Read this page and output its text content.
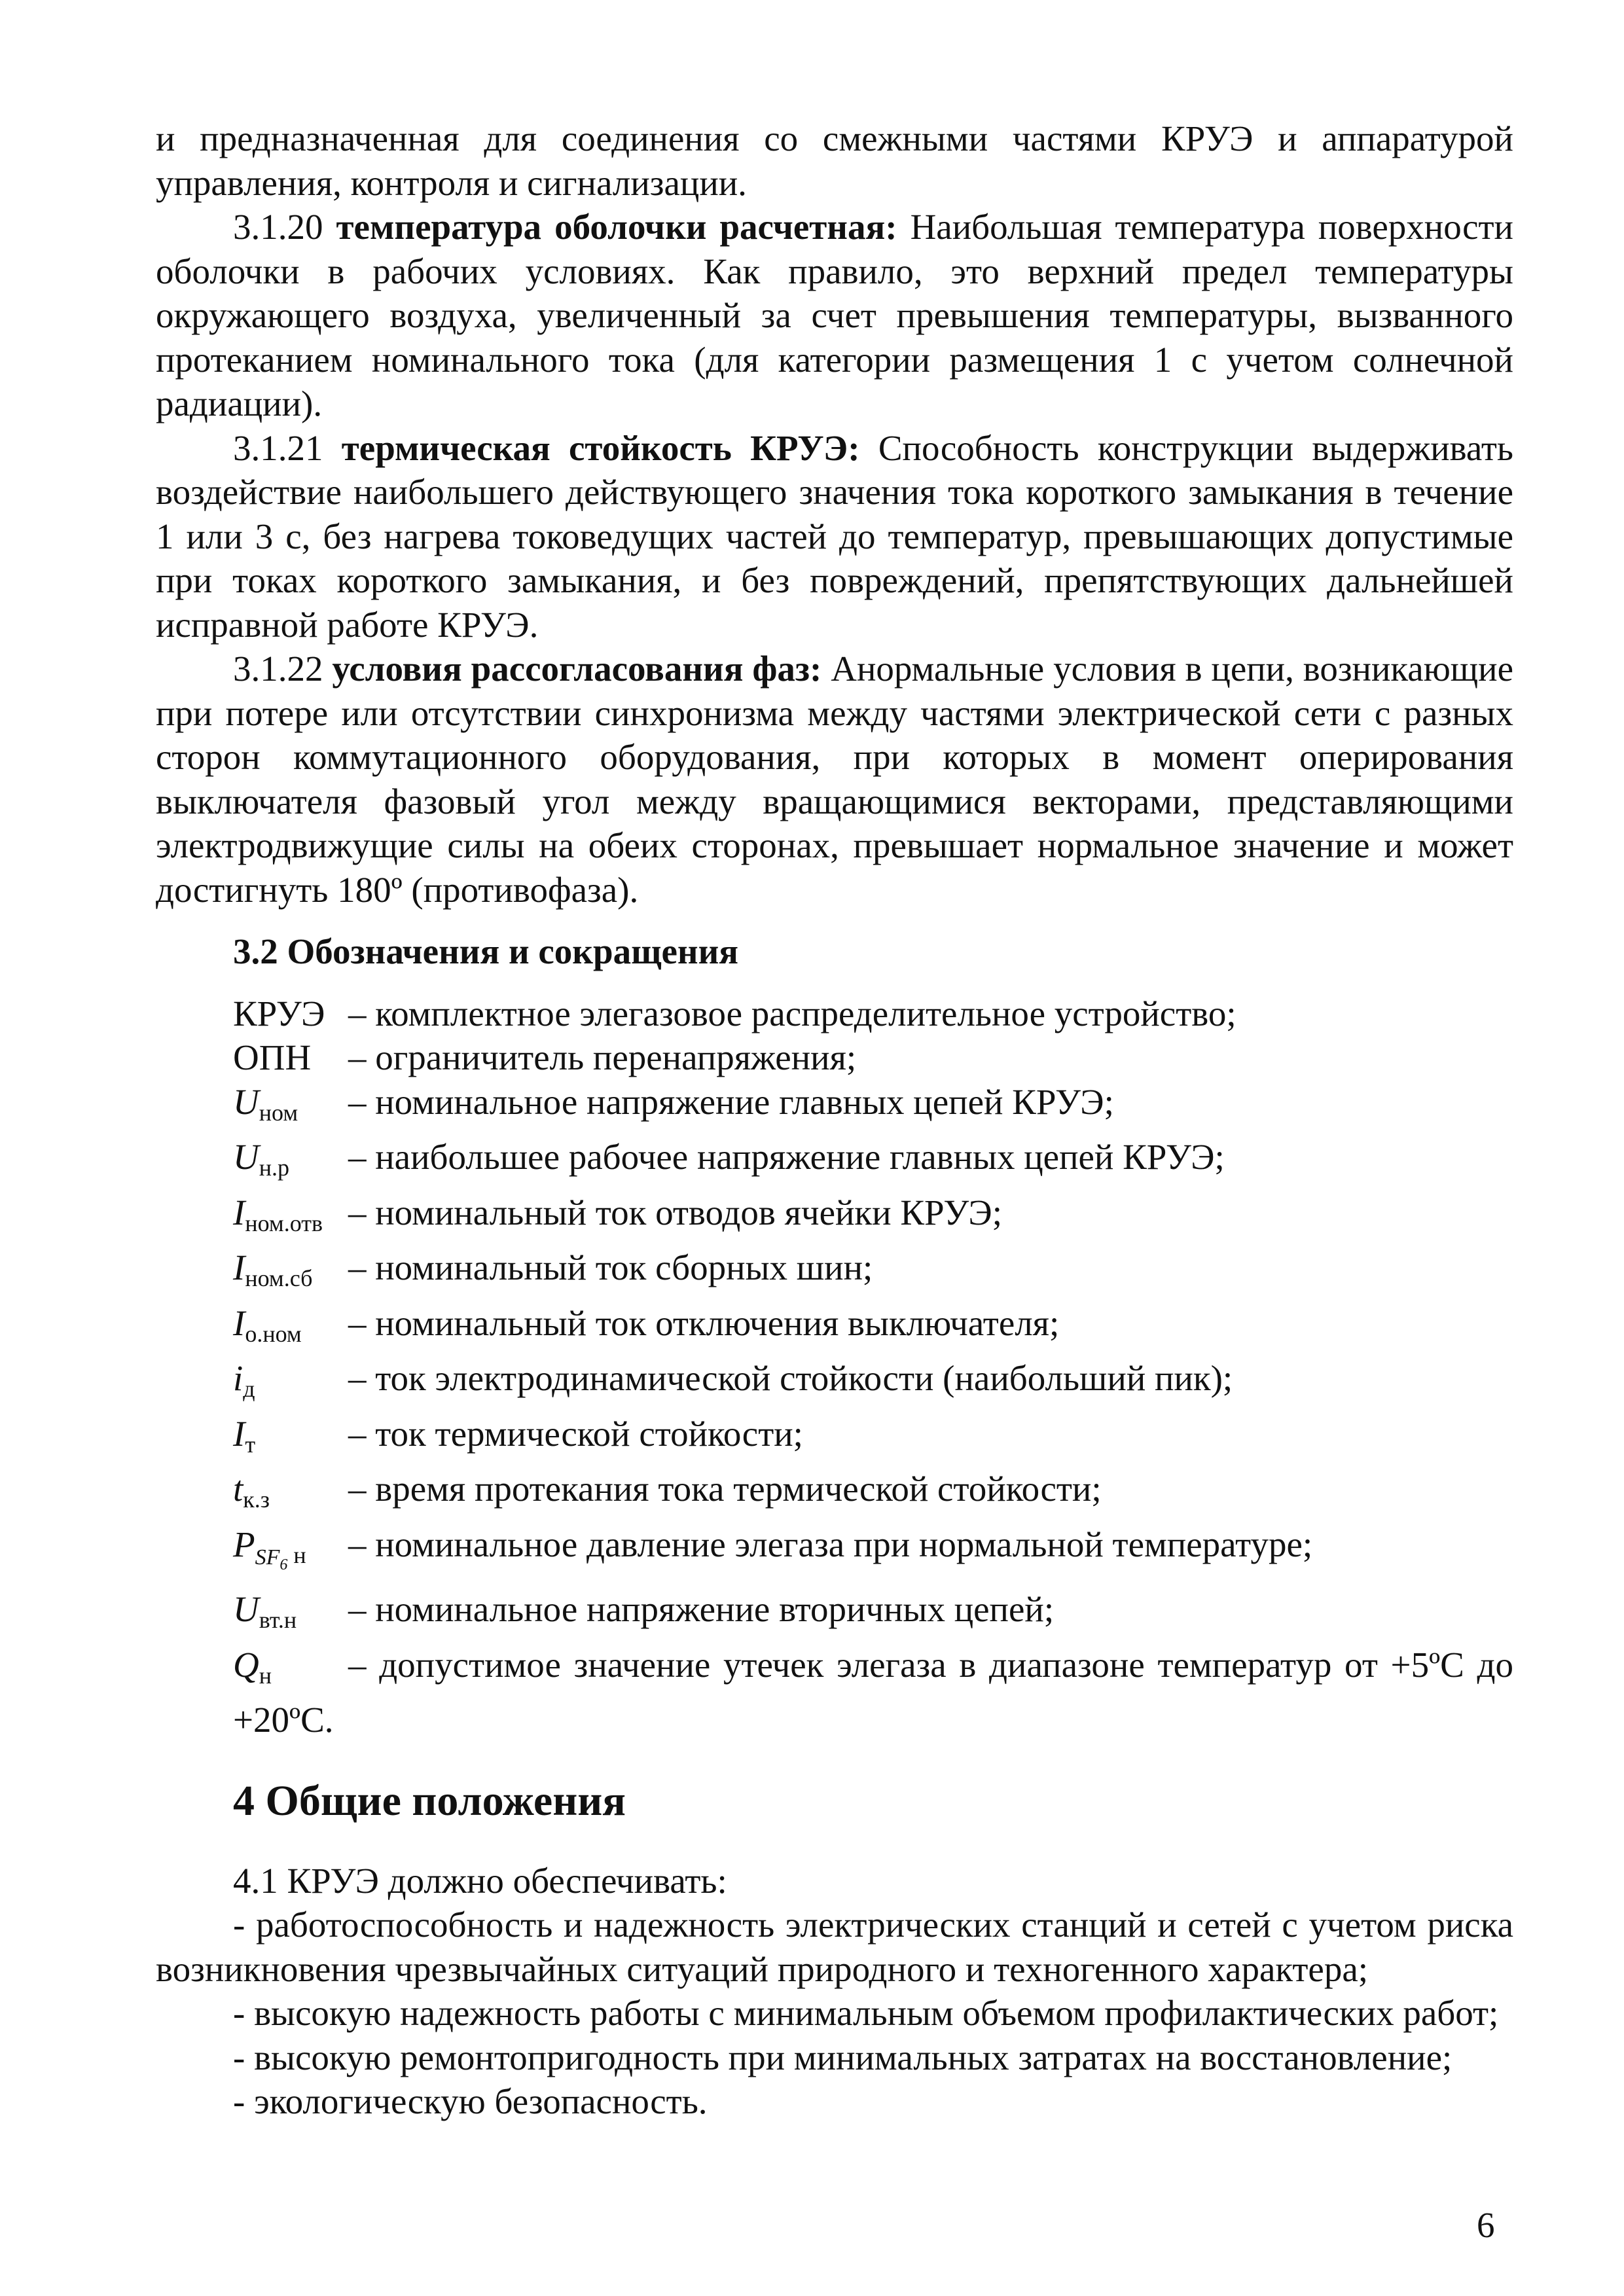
и предназначенная для соединения со смежными частями КРУЭ и аппаратурой управления, контроля и сигнализации.

3.1.20 температура оболочки расчетная: Наибольшая температура поверхности оболочки в рабочих условиях. Как правило, это верхний предел температуры окружающего воздуха, увеличенный за счет превышения температуры, вызванного протеканием номинального тока (для категории размещения 1 с учетом солнечной радиации).

3.1.21 термическая стойкость КРУЭ: Способность конструкции выдерживать воздействие наибольшего действующего значения тока короткого замыкания в течение 1 или 3 с, без нагрева токоведущих частей до температур, превышающих допустимые при токах короткого замыкания, и без повреждений, препятствующих дальнейшей исправной работе КРУЭ.

3.1.22 условия рассогласования фаз: Анормальные условия в цепи, возникающие при потере или отсутствии синхронизма между частями электрической сети с разных сторон коммутационного оборудования, при которых в момент оперирования выключателя фазовый угол между вращающимися векторами, представляющими электродвижущие силы на обеих сторонах, превышает нормальное значение и может достигнуть 180º (противофаза).

3.2 Обозначения и сокращения

КРУЭ – комплектное элегазовое распределительное устройство;
ОПН	– ограничитель перенапряжения;
$U_{ном}$	– номинальное напряжение главных цепей КРУЭ;
$U_{н.р}$	– наибольшее рабочее напряжение главных цепей КРУЭ;
$I_{ном.отв}$ – номинальный ток отводов ячейки КРУЭ;
$I_{ном.сб}$ – номинальный ток сборных шин;
$I_{о.ном}$	– номинальный ток отключения выключателя;
$i_д$	– ток электродинамической стойкости (наибольший пик);
$I_т$	– ток термической стойкости;
$t_{к.з}$	– время протекания тока термической стойкости;
$P_{SF6}$ $_н$	– номинальное давление элегаза при нормальной температуре;
$U_{вт.н}$	– номинальное напряжение вторичных цепей;

$Q_н$ – допустимое значение утечек элегаза в диапазоне температур от +5ºС до +20ºС.

4 Общие положения

4.1 КРУЭ должно обеспечивать:

- работоспособность и надежность электрических станций и сетей с учетом риска возникновения чрезвычайных ситуаций природного и техногенного характера;

- высокую надежность работы с минимальным объемом профилактических работ;

- высокую ремонтопригодность при минимальных затратах на восстановление;

- экологическую безопасность.

6
